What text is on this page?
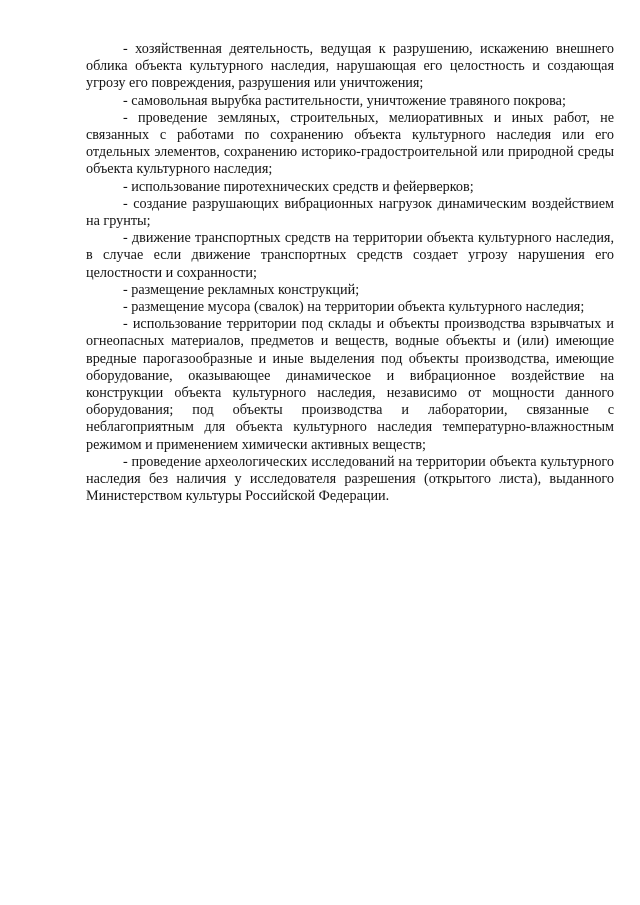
- хозяйственная деятельность, ведущая к разрушению, искажению внешнего облика объекта культурного наследия, нарушающая его целостность и создающая угрозу его повреждения, разрушения или уничтожения;

- самовольная вырубка растительности, уничтожение травяного покрова;

- проведение земляных, строительных, мелиоративных и иных работ, не связанных с работами по сохранению объекта культурного наследия или его отдельных элементов, сохранению историко-градостроительной или природной среды объекта культурного наследия;

- использование пиротехнических средств и фейерверков;

- создание разрушающих вибрационных нагрузок динамическим воздействием на грунты;

- движение транспортных средств на территории объекта культурного наследия, в случае если движение транспортных средств создает угрозу нарушения его целостности и сохранности;

- размещение рекламных конструкций;

- размещение мусора (свалок) на территории объекта культурного наследия;

- использование территории под склады и объекты производства взрывчатых и огнеопасных материалов, предметов и веществ, водные объекты и (или) имеющие вредные парогазообразные и иные выделения под объекты производства, имеющие оборудование, оказывающее динамическое и вибрационное воздействие на конструкции объекта культурного наследия, независимо от мощности данного оборудования; под объекты производства и лаборатории, связанные с неблагоприятным для объекта культурного наследия температурно-влажностным режимом и применением химически активных веществ;

- проведение археологических исследований на территории объекта культурного наследия без наличия у исследователя разрешения (открытого листа), выданного Министерством культуры Российской Федерации.
